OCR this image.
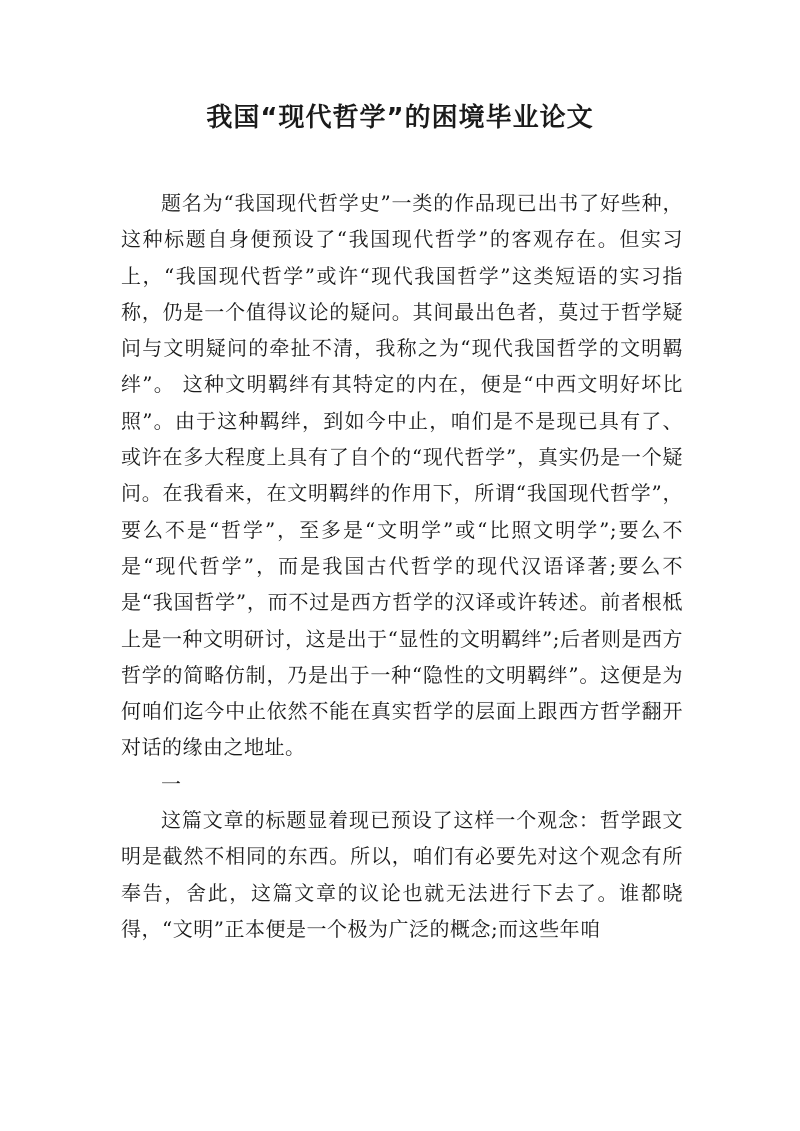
我国“现代哲学”的困境毕业论文

题名为“我国现代哲学史”一类的作品现已出书了好些种，这种标题自身便预设了“我国现代哲学”的客观存在。但实习上，“我国现代哲学”或许“现代我国哲学”这类短语的实习指称，仍是一个值得议论的疑问。其间最出色者，莫过于哲学疑问与文明疑问的牵扯不清，我称之为“现代我国哲学的文明羁绊”。 这种文明羁绊有其特定的内在，便是“中西文明好坏比照”。由于这种羁绊，到如今中止，咱们是不是现已具有了、或许在多大程度上具有了自个的“现代哲学”，真实仍是一个疑问。在我看来，在文明羁绊的作用下，所谓“我国现代哲学”，要么不是“哲学”，至多是“文明学”或“比照文明学”;要么不是“现代哲学”，而是我国古代哲学的现代汉语译著;要么不是“我国哲学”，而不过是西方哲学的汉译或许转述。前者根柢上是一种文明研讨，这是出于“显性的文明羁绊”;后者则是西方哲学的简略仿制，乃是出于一种“隐性的文明羁绊”。这便是为何咱们迄今中止依然不能在真实哲学的层面上跟西方哲学翻开对话的缘由之地址。

一

这篇文章的标题显着现已预设了这样一个观念：哲学跟文明是截然不相同的东西。所以，咱们有必要先对这个观念有所奉告，舍此，这篇文章的议论也就无法进行下去了。谁都晓得，“文明”正本便是一个极为广泛的概念;而这些年咱
